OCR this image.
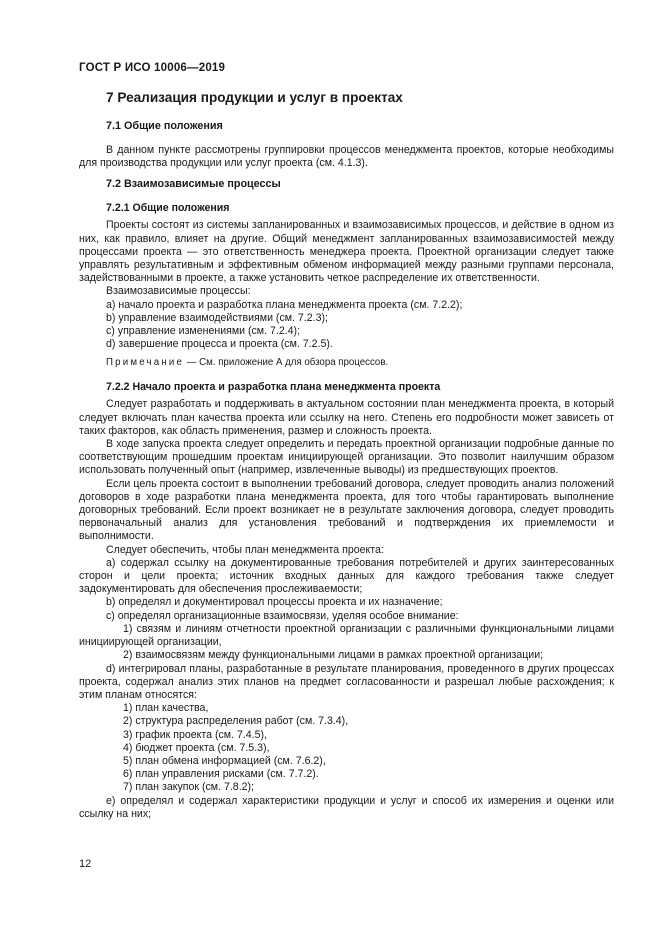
ГОСТ Р ИСО 10006—2019
7 Реализация продукции и услуг в проектах
7.1 Общие положения

В данном пункте рассмотрены группировки процессов менеджмента проектов, которые необходимы для производства продукции или услуг проекта (см. 4.1.3).

7.2 Взаимозависимые процессы
7.2.1 Общие положения

Проекты состоят из системы запланированных и взаимозависимых процессов, и действие в одном из них, как правило, влияет на другие. Общий менеджмент запланированных взаимозависимостей между процессами проекта — это ответственность менеджера проекта. Проектной организации следует также управлять результативным и эффективным обменом информацией между разными группами персонала, задействованными в проекте, а также установить четкое распределение их ответственности.

Взаимозависимые процессы:

а) начало проекта и разработка плана менеджмента проекта (см. 7.2.2);

b) управление взаимодействиями (см. 7.2.3);

c) управление изменениями (см. 7.2.4);

d) завершение процесса и проекта (см. 7.2.5).

Примечание — См. приложение А для обзора процессов.

7.2.2 Начало проекта и разработка плана менеджмента проекта

Следует разработать и поддерживать в актуальном состоянии план менеджмента проекта, в который следует включать план качества проекта или ссылку на него. Степень его подробности может зависеть от таких факторов, как область применения, размер и сложность проекта.

В ходе запуска проекта следует определить и передать проектной организации подробные данные по соответствующим прошедшим проектам инициирующей организации. Это позволит наилучшим образом использовать полученный опыт (например, извлеченные выводы) из предшествующих проектов.

Если цель проекта состоит в выполнении требований договора, следует проводить анализ положений договоров в ходе разработки плана менеджмента проекта, для того чтобы гарантировать выполнение договорных требований. Если проект возникает не в результате заключения договора, следует проводить первоначальный анализ для установления требований и подтверждения их приемлемости и выполнимости.

Следует обеспечить, чтобы план менеджмента проекта:

а) содержал ссылку на документированные требования потребителей и других заинтересованных сторон и цели проекта; источник входных данных для каждого требования также следует задокументировать для обеспечения прослеживаемости;

b) определял и документировал процессы проекта и их назначение;

c) определял организационные взаимосвязи, уделяя особое внимание:

1) связям и линиям отчетности проектной организации с различными функциональными лицами инициирующей организации,

2) взаимосвязям между функциональными лицами в рамках проектной организации;

d) интегрировал планы, разработанные в результате планирования, проведенного в других процессах проекта, содержал анализ этих планов на предмет согласованности и разрешал любые расхождения; к этим планам относятся:

1) план качества,

2) структура распределения работ (см. 7.3.4),

3) график проекта (см. 7.4.5),

4) бюджет проекта (см. 7.5.3),

5) план обмена информацией (см. 7.6.2),

6) план управления рисками (см. 7.7.2).

7) план закупок (см. 7.8.2);

е) определял и содержал характеристики продукции и услуг и способ их измерения и оценки или ссылку на них;

12
